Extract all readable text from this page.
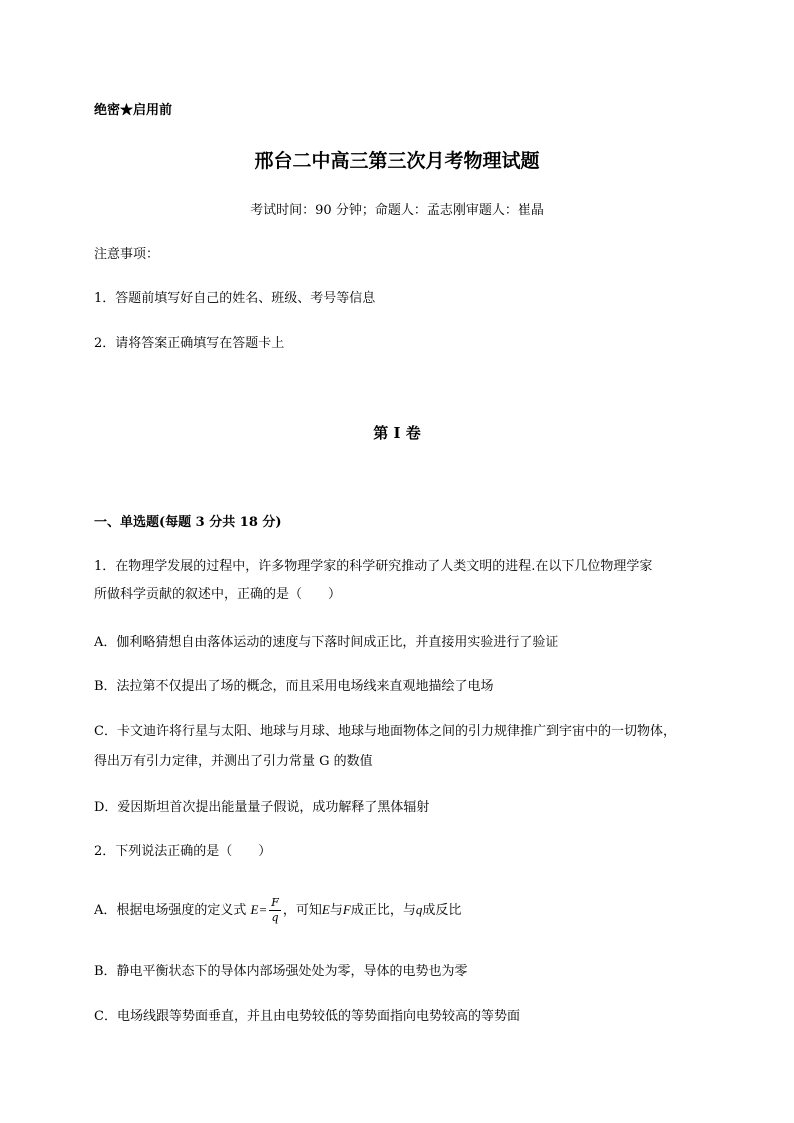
绝密★启用前
邢台二中高三第三次月考物理试题
考试时间：90 分钟；命题人：孟志刚审题人：崔晶
注意事项：
1．答题前填写好自己的姓名、班级、考号等信息
2．请将答案正确填写在答题卡上
第 I 卷
一、单选题(每题 3 分共 18 分)
1．在物理学发展的过程中，许多物理学家的科学研究推动了人类文明的进程.在以下几位物理学家
所做科学贡献的叙述中，正确的是（　　）
A．伽利略猜想自由落体运动的速度与下落时间成正比，并直接用实验进行了验证
B．法拉第不仅提出了场的概念，而且采用电场线来直观地描绘了电场
C．卡文迪许将行星与太阳、地球与月球、地球与地面物体之间的引力规律推广到宇宙中的一切物体，
得出万有引力定律，并测出了引力常量 G 的数值
D．爱因斯坦首次提出能量量子假说，成功解释了黑体辐射
2．下列说法正确的是（　　）
A．根据电场强度的定义式 $E= \frac{F}{q}$ ，可知E与F成正比，与q成反比
B．静电平衡状态下的导体内部场强处处为零，导体的电势也为零
C．电场线跟等势面垂直，并且由电势较低的等势面指向电势较高的等势面
